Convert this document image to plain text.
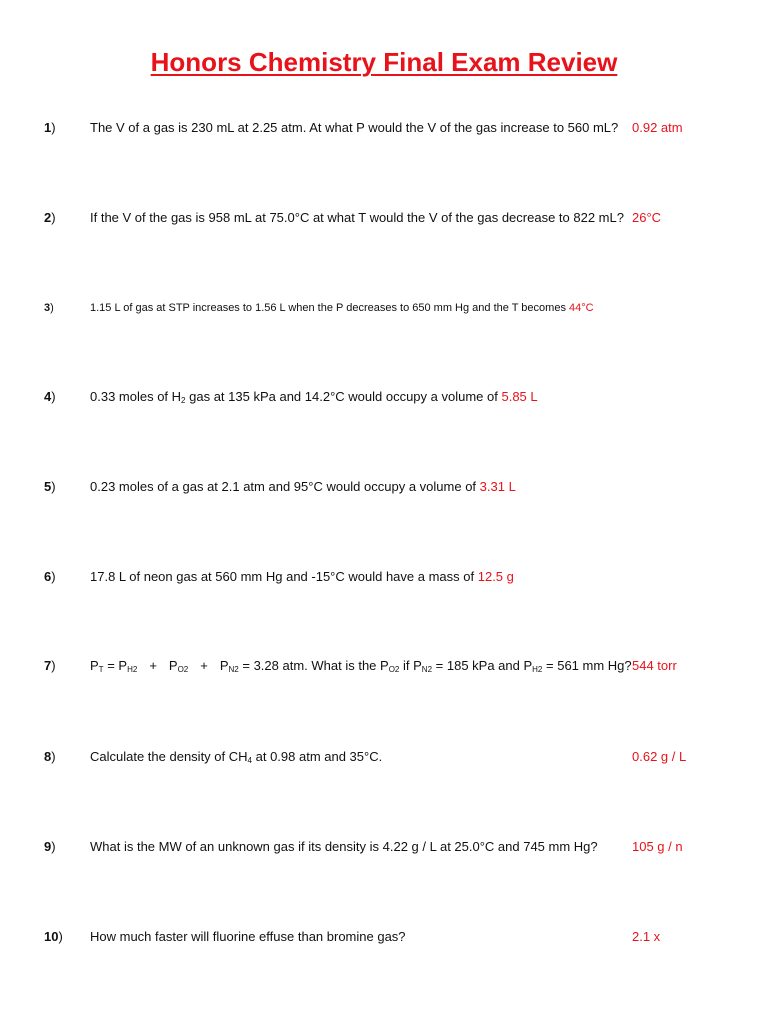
Honors Chemistry Final Exam Review
1)	The V of a gas is 230 mL at 2.25 atm. At what P would the V of the gas increase to 560 mL? 0.92 atm
2)	If the V of the gas is 958 mL at 75.0°C at what T would the V of the gas decrease to 822 mL? 26°C
3)	1.15 L of gas at STP increases to 1.56 L when the P decreases to 650 mm Hg and the T becomes 44°C
4)	0.33 moles of $H_2$ gas at 135 kPa and 14.2°C would occupy a volume of 5.85 L
5)	0.23 moles of a gas at 2.1 atm and 95°C would occupy a volume of 3.31 L
6)	17.8 L of neon gas at 560 mm Hg and -15°C would have a mass of 12.5 g
7)	$P_T = P_{H2} + P_{O2} + P_{N2} = 3.28$ atm. What is the $P_{O2}$ if $P_{N2} = 185$ kPa and $P_{H2} = 561$ mm Hg? 544 torr
8)	Calculate the density of $CH_4$ at 0.98 atm and 35°C.	0.62 g / L
9)	What is the MW of an unknown gas if its density is 4.22 g / L at 25.0°C and 745 mm Hg?	105 g / n
10) How much faster will fluorine effuse than bromine gas?	2.1 x
